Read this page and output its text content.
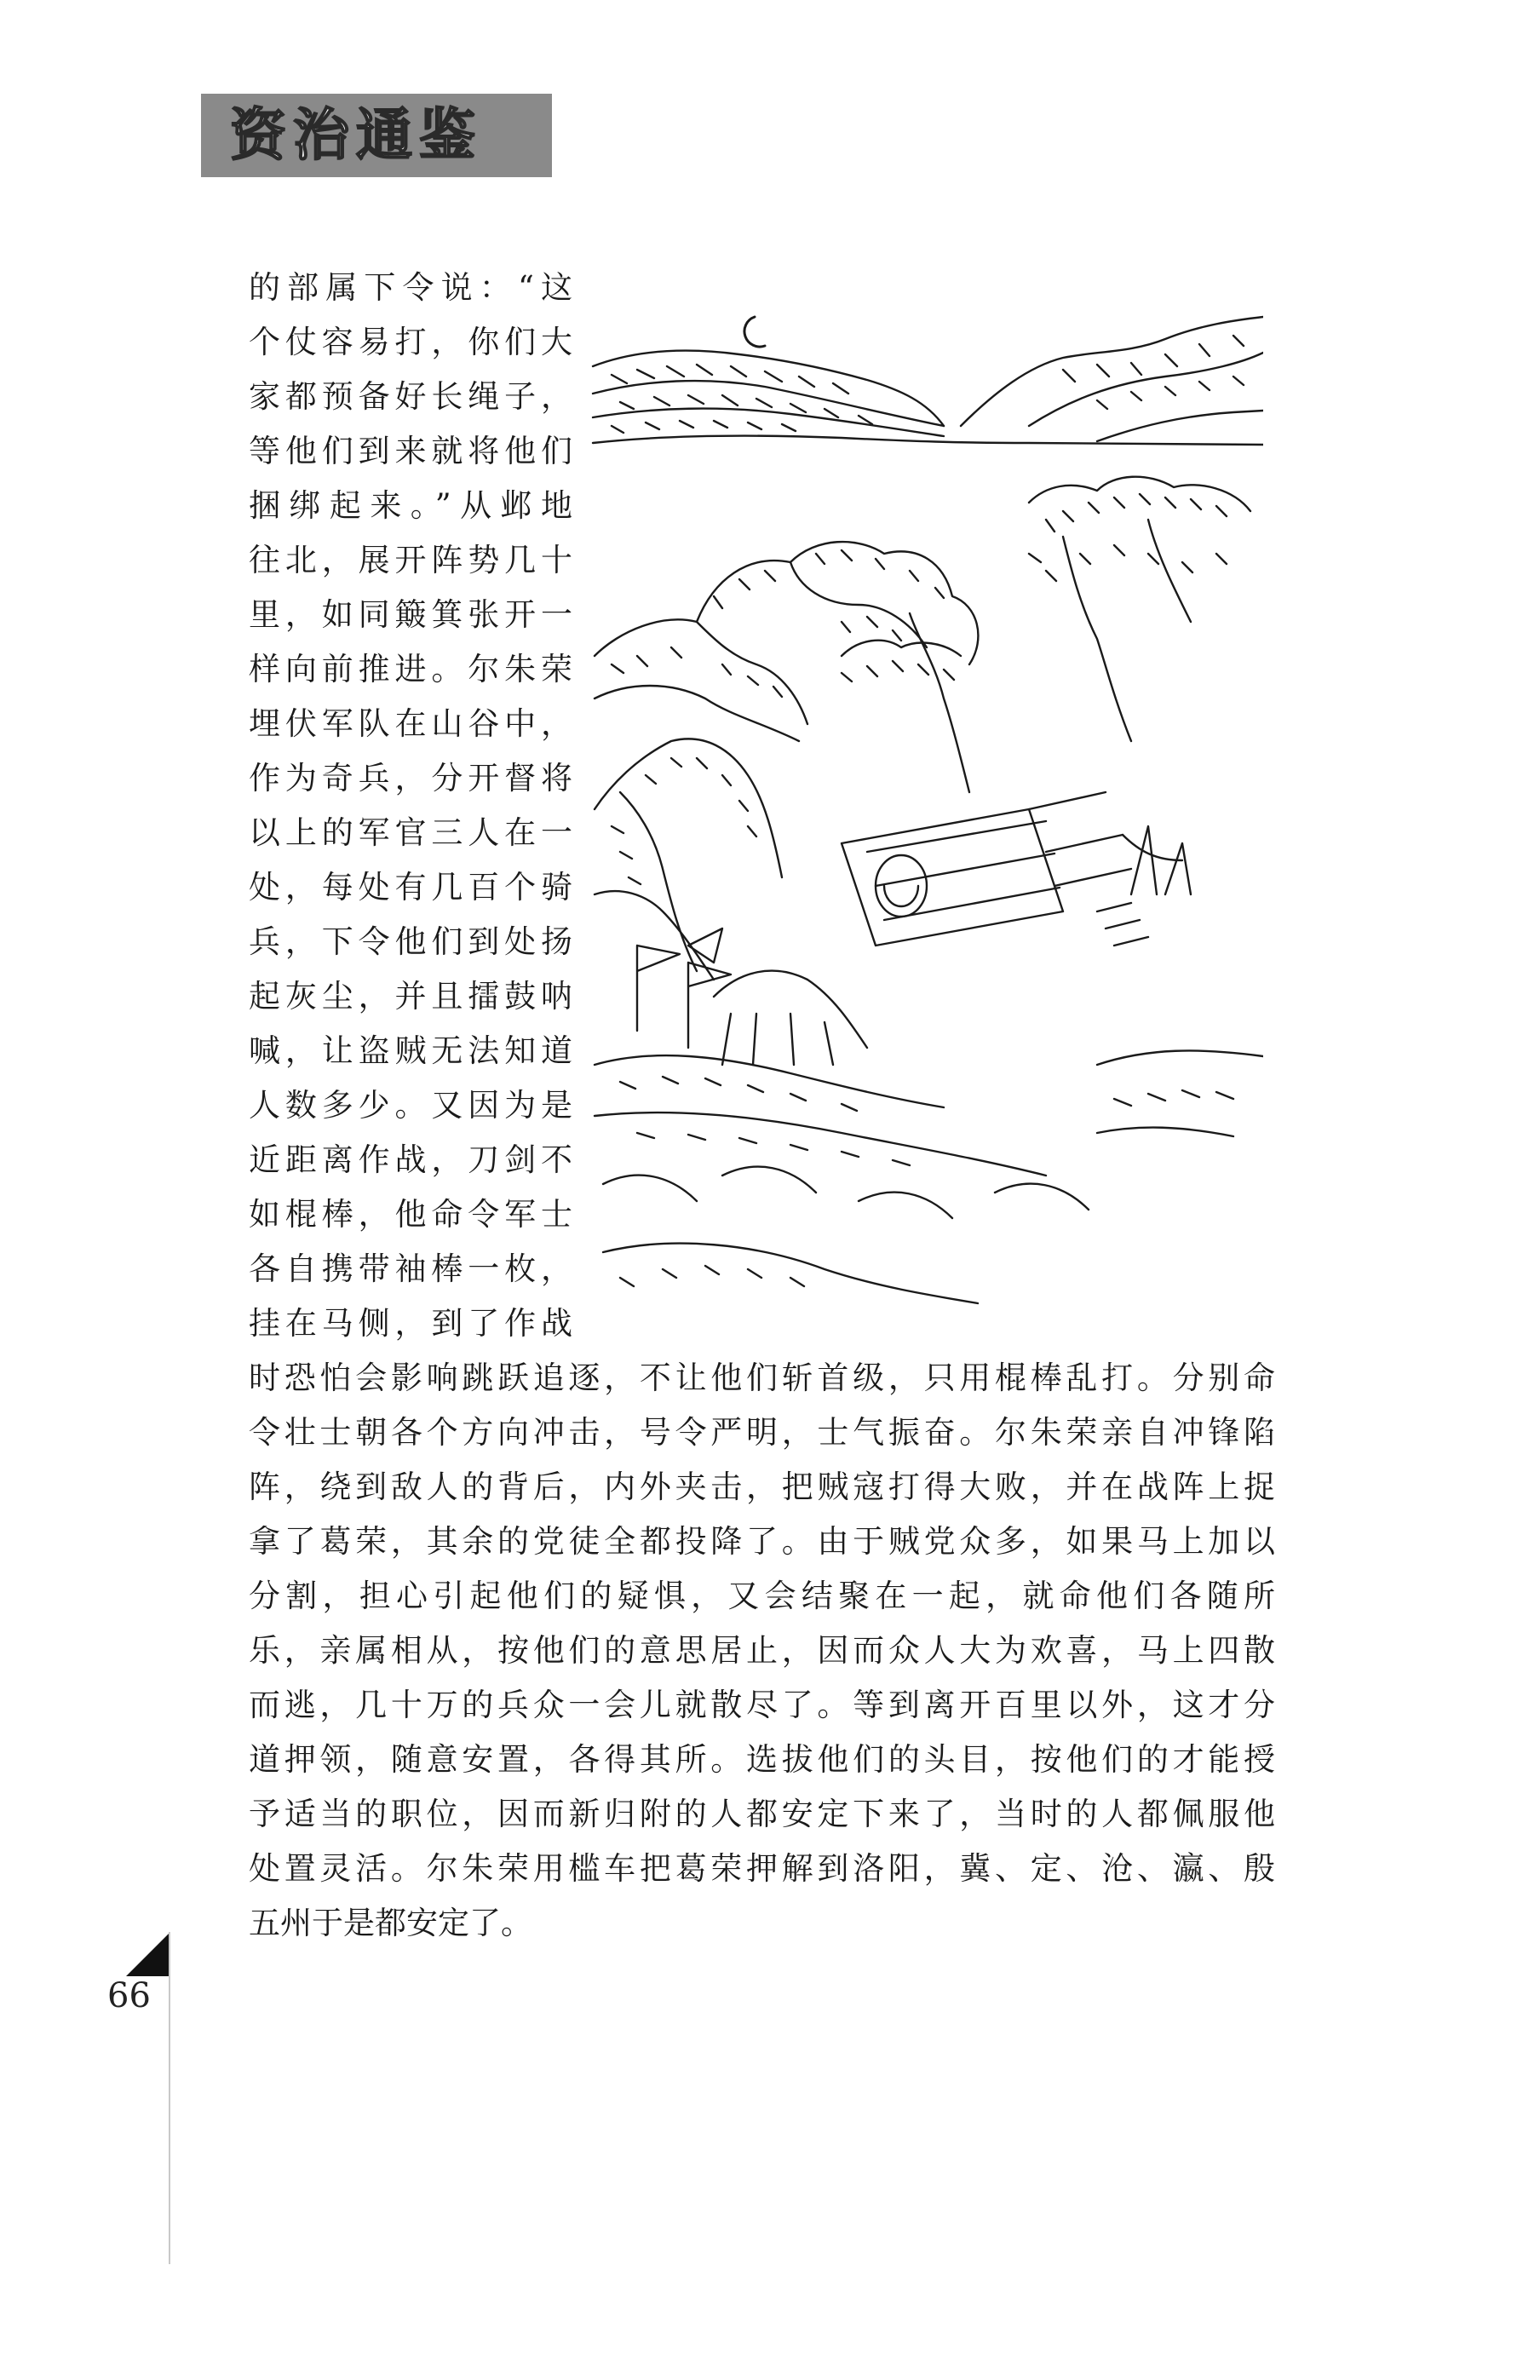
资治通鉴
的部属下令说：“这
个仗容易打，你们大
家都预备好长绳子，
等他们到来就将他们
捆绑起来。”从邺地
往北，展开阵势几十
里，如同簸箕张开一
样向前推进。尔朱荣
埋伏军队在山谷中，
作为奇兵，分开督将
以上的军官三人在一
处，每处有几百个骑
兵，下令他们到处扬
起灰尘，并且擂鼓呐
喊，让盗贼无法知道
人数多少。又因为是
近距离作战，刀剑不
如棍棒，他命令军士
各自携带袖棒一枚，
挂在马侧，到了作战
时恐怕会影响跳跃追逐，不让他们斩首级，只用棍棒乱打。分别命
令壮士朝各个方向冲击，号令严明，士气振奋。尔朱荣亲自冲锋陷
阵，绕到敌人的背后，内外夹击，把贼寇打得大败，并在战阵上捉
拿了葛荣，其余的党徒全都投降了。由于贼党众多，如果马上加以
分割，担心引起他们的疑惧，又会结聚在一起，就命他们各随所
乐，亲属相从，按他们的意思居止，因而众人大为欢喜，马上四散
而逃，几十万的兵众一会儿就散尽了。等到离开百里以外，这才分
道押领，随意安置，各得其所。选拔他们的头目，按他们的才能授
予适当的职位，因而新归附的人都安定下来了，当时的人都佩服他
处置灵活。尔朱荣用槛车把葛荣押解到洛阳，冀、定、沧、瀛、殷
五州于是都安定了。
66
